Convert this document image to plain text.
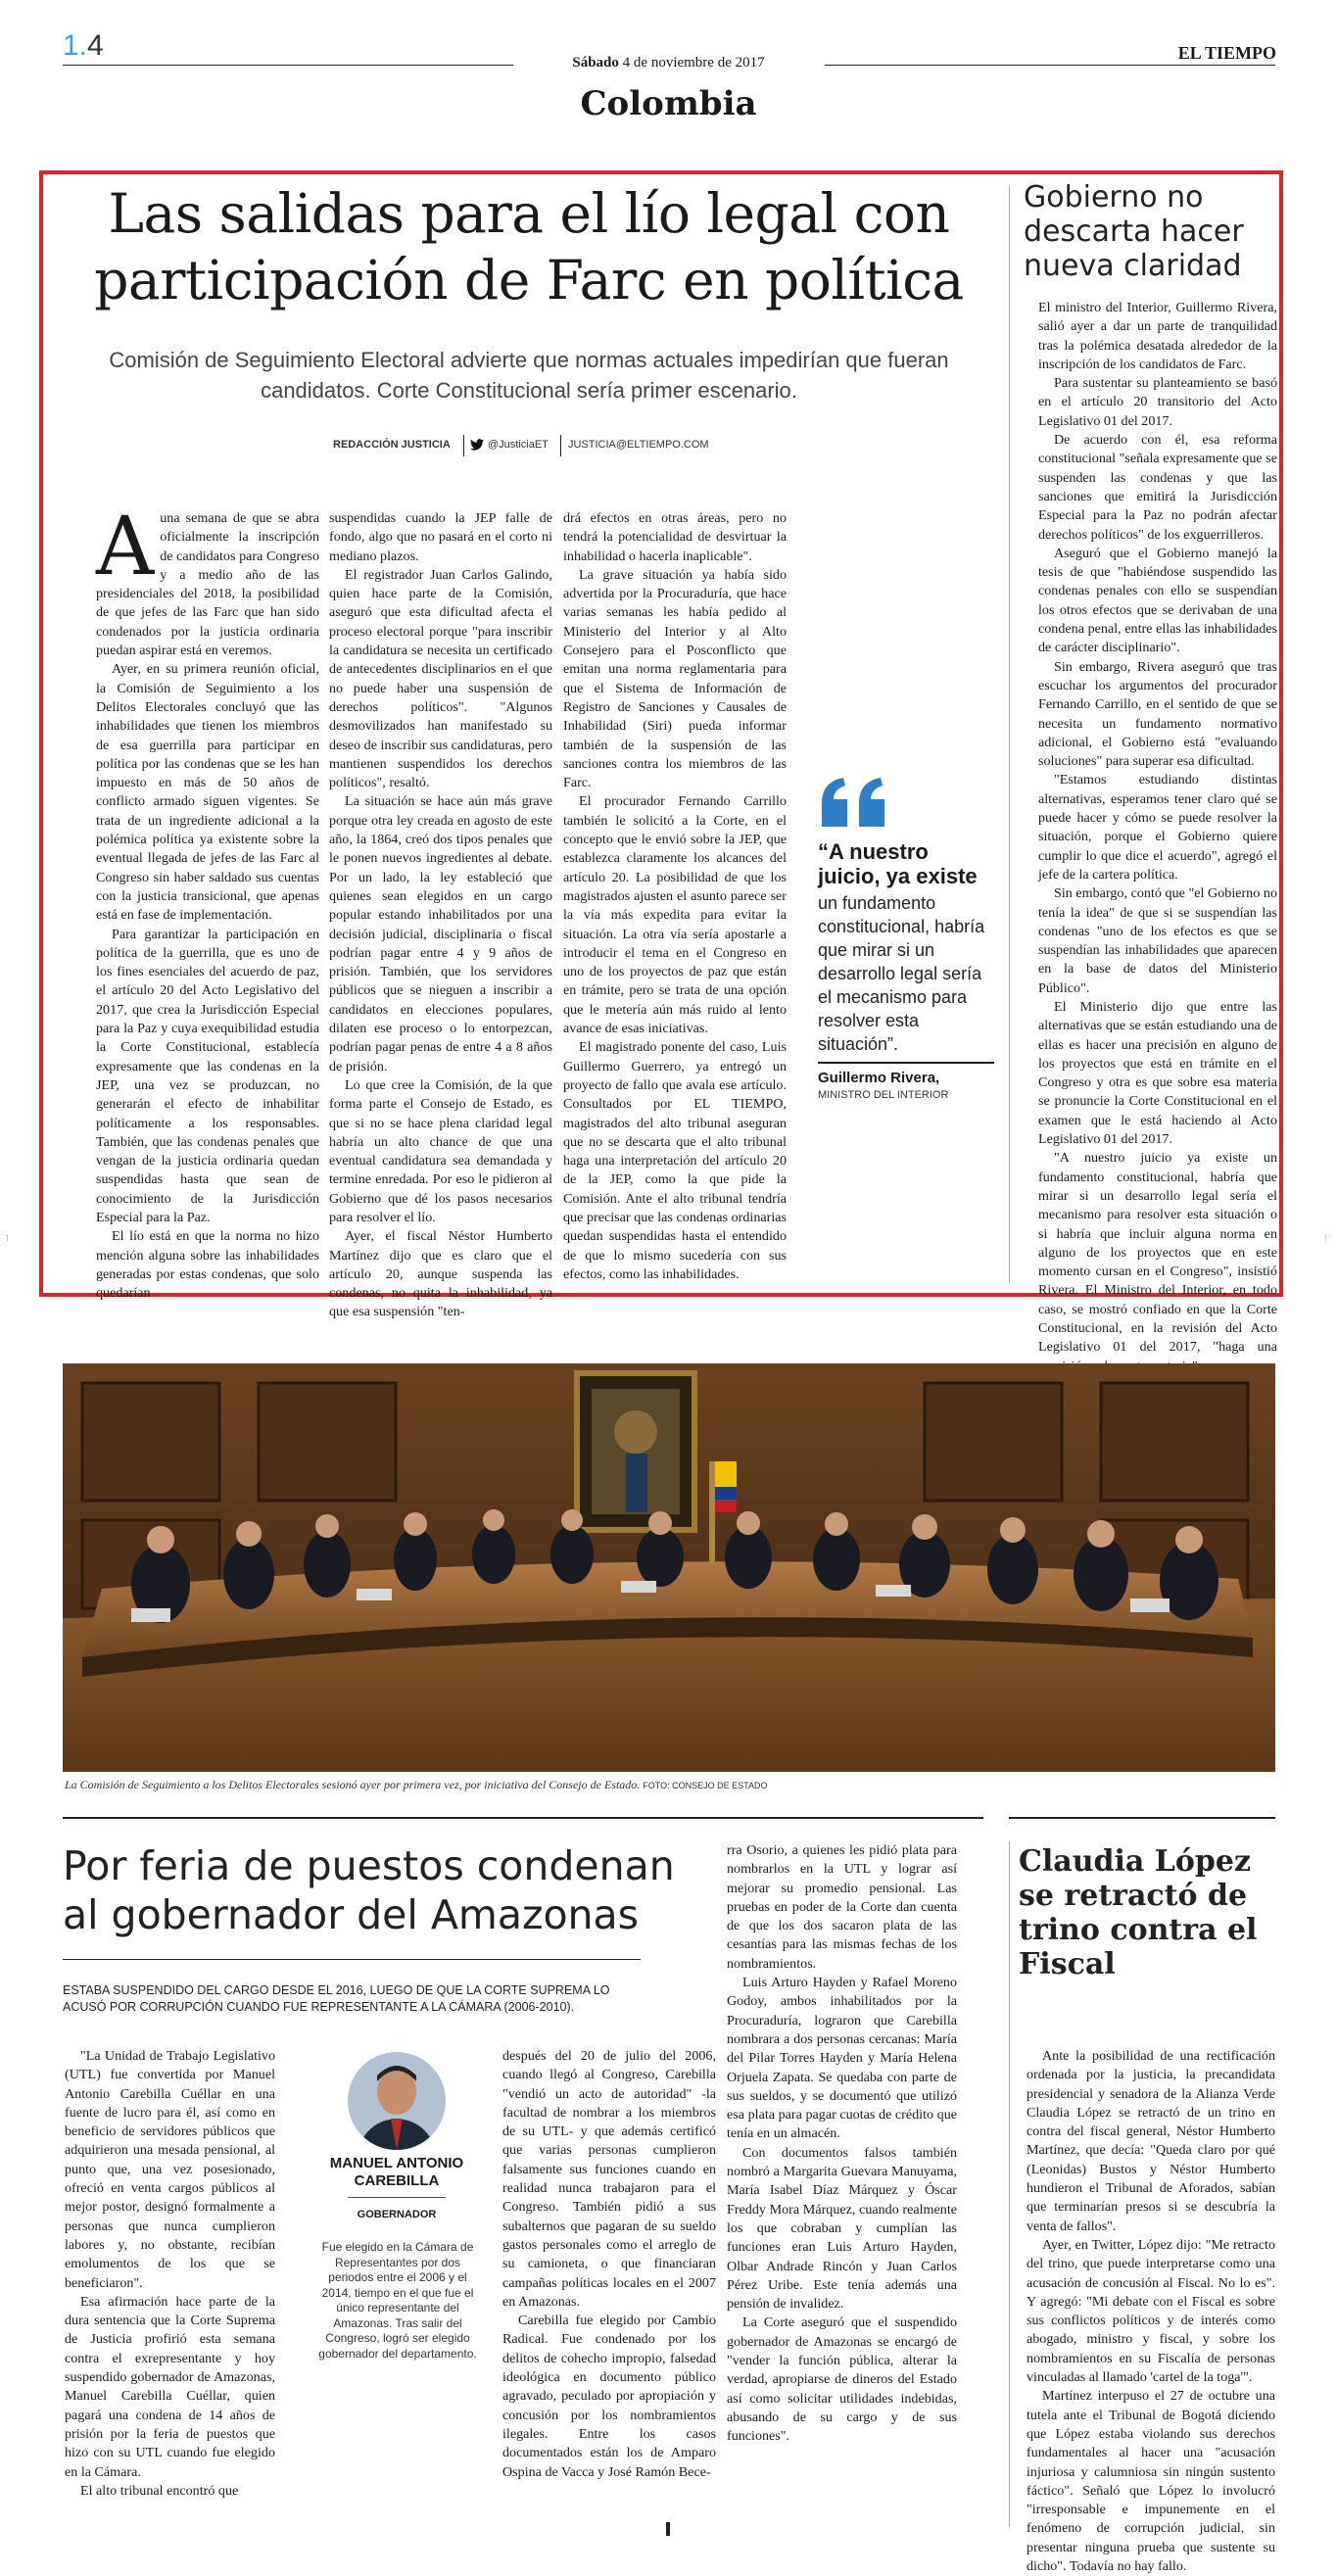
1.4
Sábado 4 de noviembre de 2017	EL TIEMPO
Colombia
Las salidas para el lío legal con participación de Farc en política
Comisión de Seguimiento Electoral advierte que normas actuales impedirían que fueran candidatos. Corte Constitucional sería primer escenario.
REDACCIÓN JUSTICIA	@JusticiaET JUSTICIA@ELTIEMPO.COM

Auna semana de que se abra oficialmente la inscripción de candidatos para Congreso y a medio año de las presidenciales del 2018, la posibilidad de que jefes de las Farc que han sido condenados por la justicia ordinaria puedan aspirar está en veremos.

Ayer, en su primera reunión oficial, la Comisión de Seguimiento a los Delitos Electorales concluyó que las inhabilidades que tienen los miembros de esa guerrilla para participar en política por las condenas que se les han impuesto en más de 50 años de conflicto armado siguen vigentes. Se trata de un ingrediente adicional a la polémica política ya existente sobre la eventual llegada de jefes de las Farc al Congreso sin haber saldado sus cuentas con la justicia transicional, que apenas está en fase de implementación.

Para garantizar la participación en política de la guerrilla, que es uno de los fines esenciales del acuerdo de paz, el artículo 20 del Acto Legislativo del 2017, que crea la Jurisdicción Especial para la Paz y cuya exequibilidad estudia la Corte Constitucional, establecía expresamente que las condenas en la JEP, una vez se produzcan, no generarán el efecto de inhabilitar políticamente a los responsables. También, que las condenas penales que vengan de la justicia ordinaria quedan suspendidas hasta que sean de conocimiento de la Jurisdicción Especial para la Paz.

El lío está en que la norma no hizo mención alguna sobre las inhabilidades generadas por estas condenas, que solo quedarían

suspendidas cuando la JEP falle de fondo, algo que no pasará en el corto ni mediano plazos.

El registrador Juan Carlos Galindo, quien hace parte de la Comisión, aseguró que esta dificultad afecta el proceso electoral porque "para inscribir la candidatura se necesita un certificado de antecedentes disciplinarios en el que no puede haber una suspensión de derechos políticos". "Algunos desmovilizados han manifestado su deseo de inscribir sus candidaturas, pero mantienen suspendidos los derechos políticos", resaltó.

La situación se hace aún más grave porque otra ley creada en agosto de este año, la 1864, creó dos tipos penales que le ponen nuevos ingredientes al debate. Por un lado, la ley estableció que quienes sean elegidos en un cargo popular estando inhabilitados por una decisión judicial, disciplinaria o fiscal podrían pagar entre 4 y 9 años de prisión. También, que los servidores públicos que se nieguen a inscribir a candidatos en elecciones populares, dilaten ese proceso o lo entorpezcan, podrían pagar penas de entre 4 a 8 años de prisión.

Lo que cree la Comisión, de la que forma parte el Consejo de Estado, es que si no se hace plena claridad legal habría un alto chance de que una eventual candidatura sea demandada y termine enredada. Por eso le pidieron al Gobierno que dé los pasos necesarios para resolver el lío.

Ayer, el fiscal Néstor Humberto Martínez dijo que es claro que el artículo 20, aunque suspenda las condenas, no quita la inhabilidad, ya que esa suspensión "ten-

drá efectos en otras áreas, pero no tendrá la potencialidad de desvirtuar la inhabilidad o hacerla inaplicable".

La grave situación ya había sido advertida por la Procuraduría, que hace varias semanas les había pedido al Ministerio del Interior y al Alto Consejero para el Posconflicto que emitan una norma reglamentaria para que el Sistema de Información de Registro de Sanciones y Causales de Inhabilidad (Siri) pueda informar también de la suspensión de las sanciones contra los miembros de las Farc.

El procurador Fernando Carrillo también le solicitó a la Corte, en el concepto que le envió sobre la JEP, que establezca claramente los alcances del artículo 20. La posibilidad de que los magistrados ajusten el asunto parece ser la vía más expedita para evitar la situación. La otra vía sería apostarle a introducir el tema en el Congreso en uno de los proyectos de paz que están en trámite, pero se trata de una opción que le metería aún más ruido al lento avance de esas iniciativas.

El magistrado ponente del caso, Luis Guillermo Guerrero, ya entregó un proyecto de fallo que avala ese artículo. Consultados por EL TIEMPO, magistrados del alto tribunal aseguran que no se descarta que el alto tribunal haga una interpretación del artículo 20 de la JEP, como la que pide la Comisión. Ante el alto tribunal tendría que precisar que las condenas ordinarias quedan suspendidas hasta el entendido de que lo mismo sucedería con sus efectos, como las inhabilidades.

“A nuestro juicio, ya existe
un fundamento constitucional, habría que mirar si un desarrollo legal sería el mecanismo para resolver esta situación”.
Guillermo Rivera,
MINISTRO DEL INTERIOR
Gobierno no descarta hacer nueva claridad

El ministro del Interior, Guillermo Rivera, salió ayer a dar un parte de tranquilidad tras la polémica desatada alrededor de la inscripción de los candidatos de Farc.

Para sustentar su planteamiento se basó en el artículo 20 transitorio del Acto Legislativo 01 del 2017.

De acuerdo con él, esa reforma constitucional "señala expresamente que se suspenden las condenas y que las sanciones que emitirá la Jurisdicción Especial para la Paz no podrán afectar derechos políticos" de los exguerrilleros.

Aseguró que el Gobierno manejó la tesis de que "habiéndose suspendido las condenas penales con ello se suspendían los otros efectos que se derivaban de una condena penal, entre ellas las inhabilidades de carácter disciplinario".

Sin embargo, Rivera aseguró que tras escuchar los argumentos del procurador Fernando Carrillo, en el sentido de que se necesita un fundamento normativo adicional, el Gobierno está "evaluando soluciones" para superar esa dificultad.

"Estamos estudiando distintas alternativas, esperamos tener claro qué se puede hacer y cómo se puede resolver la situación, porque el Gobierno quiere cumplir lo que dice el acuerdo", agregó el jefe de la cartera política.

Sin embargo, contó que "el Gobierno no tenía la idea" de que si se suspendían las condenas "uno de los efectos es que se suspendían las inhabilidades que aparecen en la base de datos del Ministerio Público".

El Ministerio dijo que entre las alternativas que se están estudiando una de ellas es hacer una precisión en alguno de los proyectos que está en trámite en el Congreso y otra es que sobre esa materia se pronuncie la Corte Constitucional en el examen que le está haciendo al Acto Legislativo 01 del 2017.

"A nuestro juicio ya existe un fundamento constitucional, habría que mirar si un desarrollo legal sería el mecanismo para resolver esta situación o si habría que incluir alguna norma en alguno de los proyectos que en este momento cursan en el Congreso", insistió Rivera. El Ministro del Interior, en todo caso, se mostró confiado en que la Corte Constitucional, en la revisión del Acto Legislativo 01 del 2017, "haga una

⁝	⁝
La Comisión de Seguimiento a los Delitos Electorales sesionó ayer por primera vez, por iniciativa del Consejo de Estado. FOTO: CONSEJO DE ESTADO
Por feria de puestos condenan al gobernador del Amazonas
ESTABA SUSPENDIDO DEL CARGO DESDE EL 2016, LUEGO DE QUE LA CORTE SUPREMA LO ACUSÓ POR CORRUPCIÓN CUANDO FUE REPRESENTANTE A LA CÁMARA (2006-2010).

"La Unidad de Trabajo Legislativo (UTL) fue convertida por Manuel Antonio Carebilla Cuéllar en una fuente de lucro para él, así como en beneficio de servidores públicos que adquirieron una mesada pensional, al punto que, una vez posesionado, ofreció en venta cargos públicos al mejor postor, designó formalmente a personas que nunca cumplieron labores y, no obstante, recibían emolumentos de los que se beneficiaron".

Esa afirmación hace parte de la dura sentencia que la Corte Suprema de Justicia profirió esta semana contra el exrepresentante y hoy suspendido gobernador de Amazonas, Manuel Carebilla Cuéllar, quien pagará una condena de 14 años de prisión por la feria de puestos que hizo con su UTL cuando fue elegido en la Cámara.

El alto tribunal encontró que

MANUEL ANTONIO CAREBILLA
GOBERNADOR
Fue elegido en la Cámara de Representantes por dos periodos entre el 2006 y el 2014, tiempo en el que fue el único representante del Amazonas. Tras salir del Congreso, logró ser elegido gobernador del departamento.

después del 20 de julio del 2006, cuando llegó al Congreso, Carebilla "vendió un acto de autoridad" -la facultad de nombrar a los miembros de su UTL- y que además certificó que varias personas cumplieron falsamente sus funciones cuando en realidad nunca trabajaron para el Congreso. También pidió a sus subalternos que pagaran de su sueldo gastos personales como el arreglo de su camioneta, o que financiaran campañas políticas locales en el 2007 en Amazonas.

Carebilla fue elegido por Cambio Radical. Fue condenado por los delitos de cohecho impropio, falsedad ideológica en documento público agravado, peculado por apropiación y concusión por los nombramientos ilegales. Entre los casos documentados están los de Amparo Ospina de Vacca y José Ramón Bece-

rra Osorio, a quienes les pidió plata para nombrarlos en la UTL y lograr así mejorar su promedio pensional. Las pruebas en poder de la Corte dan cuenta de que los dos sacaron plata de las cesantías para las mismas fechas de los nombramientos.

Luis Arturo Hayden y Rafael Moreno Godoy, ambos inhabilitados por la Procuraduría, lograron que Carebilla nombrara a dos personas cercanas: María del Pilar Torres Hayden y María Helena Orjuela Zapata. Se quedaba con parte de sus sueldos, y se documentó que utilizó esa plata para pagar cuotas de crédito que tenía en un almacén.

Con documentos falsos también nombró a Margarita Guevara Manuyama, María Isabel Díaz Márquez y Óscar Freddy Mora Márquez, cuando realmente los que cobraban y cumplían las funciones eran Luis Arturo Hayden, Olbar Andrade Rincón y Juan Carlos Pérez Uribe. Este tenía además una pensión de invalidez.

La Corte aseguró que el suspendido gobernador de Amazonas se encargó de "vender la función pública, alterar la verdad, apropiarse de dineros del Estado así como solicitar utilidades indebidas, abusando de su cargo y de sus funciones".

Claudia López se retractó de trino contra el Fiscal

Ante la posibilidad de una rectificación ordenada por la justicia, la precandidata presidencial y senadora de la Alianza Verde Claudia López se retractó de un trino en contra del fiscal general, Néstor Humberto Martínez, que decía: "Queda claro por qué (Leonidas) Bustos y Néstor Humberto hundieron el Tribunal de Aforados, sabían que terminarían presos si se descubría la venta de fallos".

Ayer, en Twitter, López dijo: "Me retracto del trino, que puede interpretarse como una acusación de concusión al Fiscal. No lo es". Y agregó: "Mi debate con el Fiscal es sobre sus conflictos políticos y de interés como abogado, ministro y fiscal, y sobre los nombramientos en su Fiscalía de personas vinculadas al llamado 'cartel de la toga'".

Martínez interpuso el 27 de octubre una tutela ante el Tribunal de Bogotá diciendo que López estaba violando sus derechos fundamentales al hacer una "acusación injuriosa y calumniosa sin ningún sustento fáctico". Señaló que López lo involucró "irresponsable e impunemente en el fenómeno de corrupción judicial, sin presentar ninguna prueba que sustente su dicho". Todavía no hay fallo.
